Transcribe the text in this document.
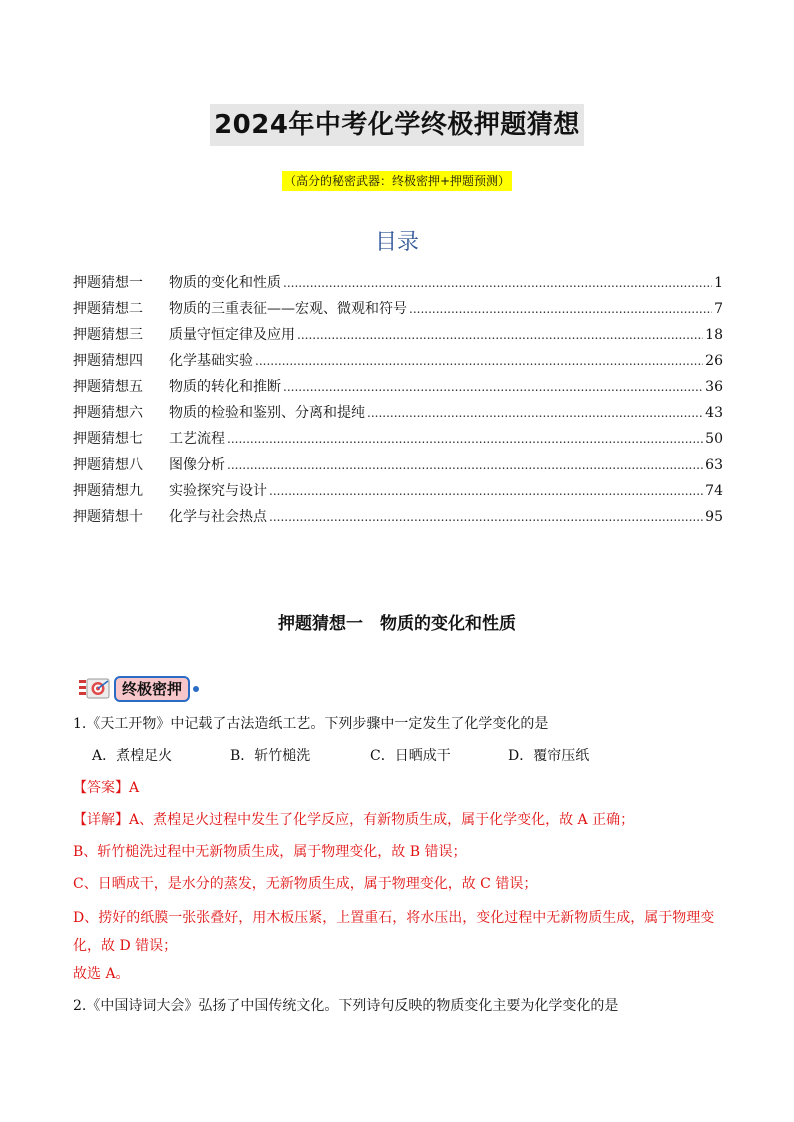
2024年中考化学终极押题猜想
（高分的秘密武器：终极密押+押题预测）
目录
押题猜想一	物质的变化和性质 .....	1
押题猜想二	物质的三重表征——宏观、微观和符号 .....	7
押题猜想三	质量守恒定律及应用 .....	18
押题猜想四	化学基础实验 .....	26
押题猜想五	物质的转化和推断 .....	36
押题猜想六	物质的检验和鉴别、分离和提纯 .....	43
押题猜想七	工艺流程 .....	50
押题猜想八	图像分析 .....	63
押题猜想九	实验探究与设计 .....	74
押题猜想十	化学与社会热点 .....	95
押题猜想一　物质的变化和性质
终极密押
1.《天工开物》中记载了古法造纸工艺。下列步骤中一定发生了化学变化的是
A．煮楻足火	B．斩竹槌洗	C．日晒成干	D．覆帘压纸
【答案】A
【详解】A、煮楻足火过程中发生了化学反应，有新物质生成，属于化学变化，故 A 正确；
B、斩竹槌洗过程中无新物质生成，属于物理变化，故 B 错误；
C、日晒成干，是水分的蒸发，无新物质生成，属于物理变化，故 C 错误；
D、捞好的纸膜一张张叠好，用木板压紧，上置重石，将水压出，变化过程中无新物质生成，属于物理变化，故 D 错误；
故选 A。
2.《中国诗词大会》弘扬了中国传统文化。下列诗句反映的物质变化主要为化学变化的是
